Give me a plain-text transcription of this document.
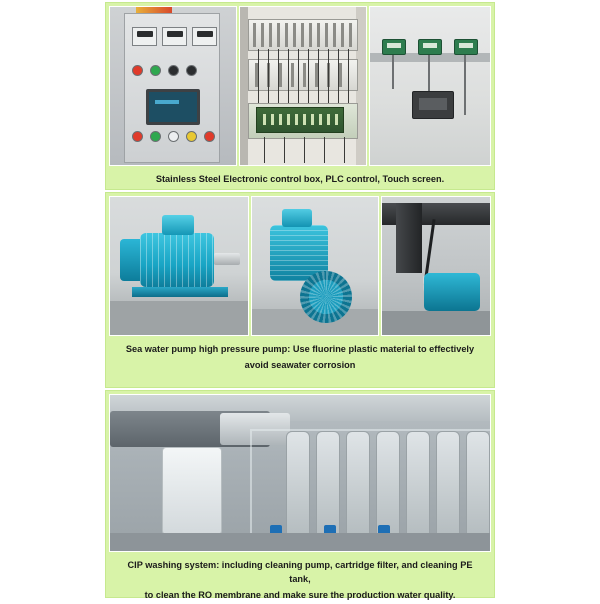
Stainless Steel Electronic control box, PLC control, Touch screen.
Sea water pump high pressure pump: Use fluorine plastic material to effectively
avoid seawater corrosion
CIP washing system: including cleaning pump, cartridge filter, and cleaning PE tank,
to clean the RO membrane and make sure the production water quality.
